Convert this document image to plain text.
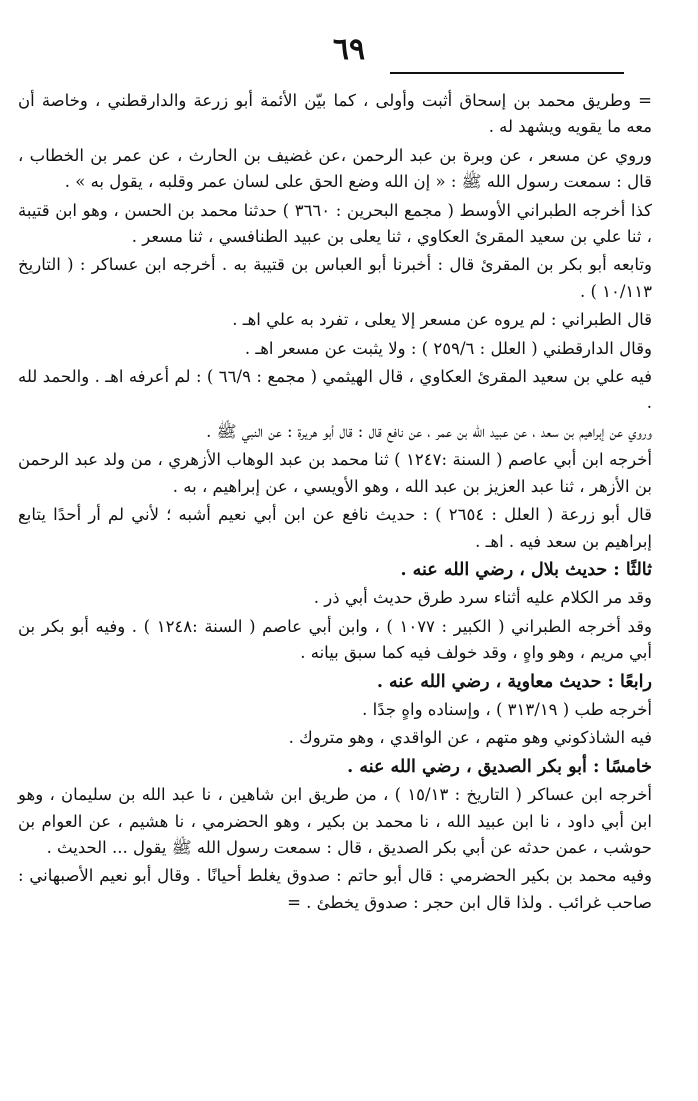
٦٩

= وطريق محمد بن إسحاق أثبت وأولى ، كما بيّن الأئمة أبو زرعة والدارقطني ، وخاصة أن معه ما يقويه ويشهد له .

وروي عن مسعر ، عن وبرة بن عبد الرحمن ،عن غضيف بن الحارث ، عن عمر بن الخطاب ، قال : سمعت رسول الله ﷺ : « إن الله وضع الحق على لسان عمر وقلبه ، يقول به » .

كذا أخرجه الطبراني الأوسط ( مجمع البحرين : ٣٦٦٠ ) حدثنا محمد بن الحسن ، وهو ابن قتيبة ، ثنا علي بن سعيد المقرئ العكاوي ، ثنا يعلى بن عبيد الطنافسي ، ثنا مسعر .

وتابعه أبو بكر بن المقرئ قال : أخبرنا أبو العباس بن قتيبة به . أخرجه ابن عساكر : ( التاريخ ١٠/١١٣ ) .

قال الطبراني : لم يروه عن مسعر إلا يعلى ، تفرد به علي اهـ .

وقال الدارقطني ( العلل : ٢٥٩/٦ ) : ولا يثبت عن مسعر اهـ .

فيه علي بن سعيد المقرئ العكاوي ، قال الهيثمي ( مجمع : ٦٦/٩ ) : لم أعرفه اهـ . والحمد لله .

وروي عن إبراهيم بن سعد ، عن عبيد الله بن عمر ، عن نافع قال : قال أبو هريرة : عن النبي ﷺ .

أخرجه ابن أبي عاصم ( السنة :١٢٤٧ ) ثنا محمد بن عبد الوهاب الأزهري ، من ولد عبد الرحمن بن الأزهر ، ثنا عبد العزيز بن عبد الله ، وهو الأويسي ، عن إبراهيم ، به .

قال أبو زرعة ( العلل : ٢٦٥٤ ) : حديث نافع عن ابن أبي نعيم أشبه ؛ لأني لم أر أحدًا يتابع إبراهيم بن سعد فيه . اهـ .

ثالثًا : حديث بلال ، رضي الله عنه .

وقد مر الكلام عليه أثناء سرد طرق حديث أبي ذر .

وقد أخرجه الطبراني ( الكبير : ١٠٧٧ ) ، وابن أبي عاصم ( السنة :١٢٤٨ ) . وفيه أبو بكر بن أبي مريم ، وهو واهٍ ، وقد خولف فيه كما سبق بيانه .

رابعًا : حديث معاوية ، رضي الله عنه .

أخرجه طب ( ٣١٣/١٩ ) ، وإسناده واهٍ جدًا .

فيه الشاذكوني وهو متهم ، عن الواقدي ، وهو متروك .

خامسًا : أبو بكر الصديق ، رضي الله عنه .

أخرجه ابن عساكر ( التاريخ : ١٥/١٣ ) ، من طريق ابن شاهين ، نا عبد الله بن سليمان ، وهو ابن أبي داود ، نا ابن عبيد الله ، نا محمد بن بكير ، وهو الحضرمي ، نا هشيم ، عن العوام بن حوشب ، عمن حدثه عن أبي بكر الصديق ، قال : سمعت رسول الله ﷺ يقول ... الحديث .

وفيه محمد بن بكير الحضرمي : قال أبو حاتم : صدوق يغلط أحيانًا . وقال أبو نعيم الأصبهاني : صاحب غرائب . ولذا قال ابن حجر : صدوق يخطئ . =
